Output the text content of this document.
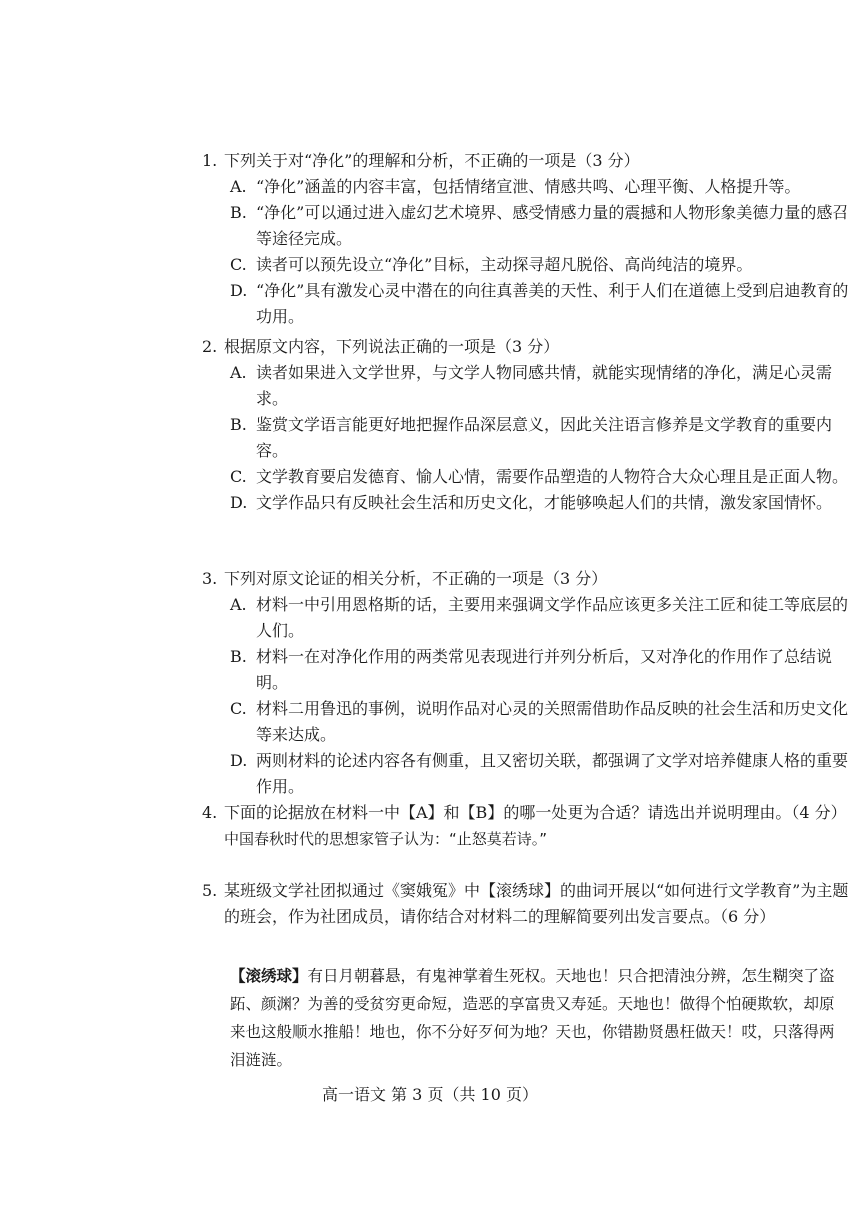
1. 下列关于对“净化”的理解和分析，不正确的一项是（3 分）
A. “净化”涵盖的内容丰富，包括情绪宣泄、情感共鸣、心理平衡、人格提升等。
B. “净化”可以通过进入虚幻艺术境界、感受情感力量的震撼和人物形象美德力量的感召等途径完成。
C. 读者可以预先设立“净化”目标，主动探寻超凡脱俗、高尚纯洁的境界。
D. “净化”具有激发心灵中潜在的向往真善美的天性、利于人们在道德上受到启迪教育的功用。
2. 根据原文内容，下列说法正确的一项是（3 分）
A. 读者如果进入文学世界，与文学人物同感共情，就能实现情绪的净化，满足心灵需求。
B. 鉴赏文学语言能更好地把握作品深层意义，因此关注语言修养是文学教育的重要内容。
C. 文学教育要启发德育、愉人心情，需要作品塑造的人物符合大众心理且是正面人物。
D. 文学作品只有反映社会生活和历史文化，才能够唤起人们的共情，激发家国情怀。
3. 下列对原文论证的相关分析，不正确的一项是（3 分）
A. 材料一中引用恩格斯的话，主要用来强调文学作品应该更多关注工匠和徒工等底层的人们。
B. 材料一在对净化作用的两类常见表现进行并列分析后，又对净化的作用作了总结说明。
C. 材料二用鲁迅的事例，说明作品对心灵的关照需借助作品反映的社会生活和历史文化等来达成。
D. 两则材料的论述内容各有侧重，且又密切关联，都强调了文学对培养健康人格的重要作用。
4. 下面的论据放在材料一中【A】和【B】的哪一处更为合适？请选出并说明理由。（4 分）
中国春秋时代的思想家管子认为：“止怒莫若诗。”
5. 某班级文学社团拟通过《窦娥冤》中【滚绣球】的曲词开展以“如何进行文学教育”为主题的班会，作为社团成员，请你结合对材料二的理解简要列出发言要点。（6 分）
【滚绣球】有日月朝暮悬，有鬼神掌着生死权。天地也！只合把清浊分辨，怎生糊突了盗跖、颜渊？为善的受贫穷更命短，造恶的享富贵又寿延。天地也！做得个怕硬欺软，却原来也这般顺水推船！地也，你不分好歹何为地？天也，你错勘贤愚枉做天！哎，只落得两泪涟涟。
高一语文 第 3 页（共 10 页）
